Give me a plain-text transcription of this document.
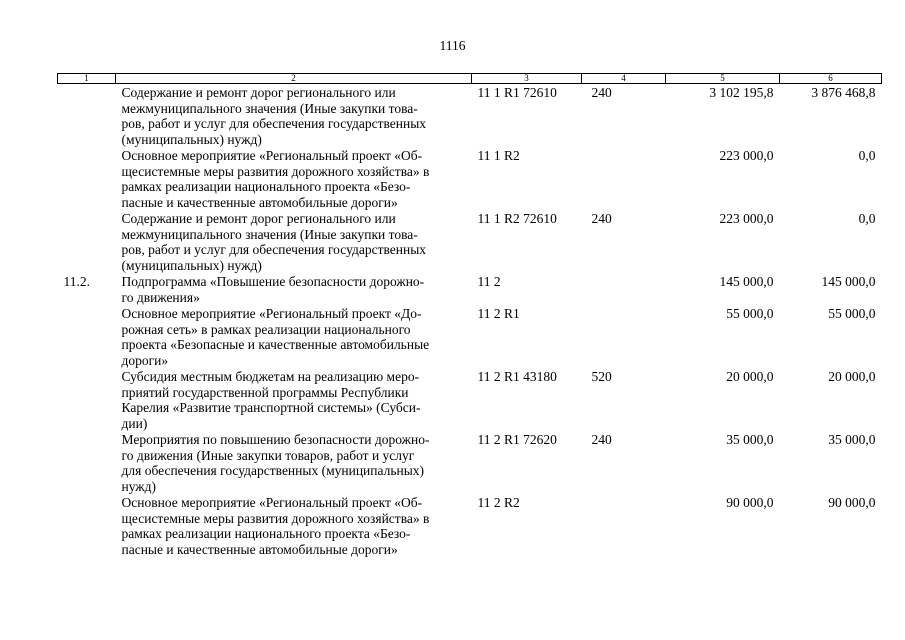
1116
1	2	3	4	5	6

	Содержание и ремонт дорог регионального или
межмуниципального значения (Иные закупки това-
ров, работ и услуг для обеспечения государственных
(муниципальных) нужд)	11 1 R1 72610	240	3 102 195,8	3 876 468,8

	Основное мероприятие «Региональный проект «Об-
щесистемные меры развития дорожного хозяйства» в
рамках реализации национального проекта «Безо-
пасные и качественные автомобильные дороги»	11 1 R2		223 000,0	0,0

	Содержание и ремонт дорог регионального или
межмуниципального значения (Иные закупки това-
ров, работ и услуг для обеспечения государственных
(муниципальных) нужд)	11 1 R2 72610	240	223 000,0	0,0
11.2.	Подпрограмма «Повышение безопасности дорожно-
го движения»	11 2		145 000,0	145 000,0

	Основное мероприятие «Региональный проект «До-
рожная сеть» в рамках реализации национального
проекта «Безопасные и качественные автомобильные
дороги»	11 2 R1		55 000,0	55 000,0

	Субсидия местным бюджетам на реализацию меро-
приятий государственной программы Республики
Карелия «Развитие транспортной системы» (Субси-
дии)	11 2 R1 43180	520	20 000,0	20 000,0

	Мероприятия по повышению безопасности дорожно-
го движения (Иные закупки товаров, работ и услуг
для обеспечения государственных (муниципальных)
нужд)	11 2 R1 72620	240	35 000,0	35 000,0

	Основное мероприятие «Региональный проект «Об-
щесистемные меры развития дорожного хозяйства» в
рамках реализации национального проекта «Безо-
пасные и качественные автомобильные дороги»	11 2 R2		90 000,0	90 000,0
